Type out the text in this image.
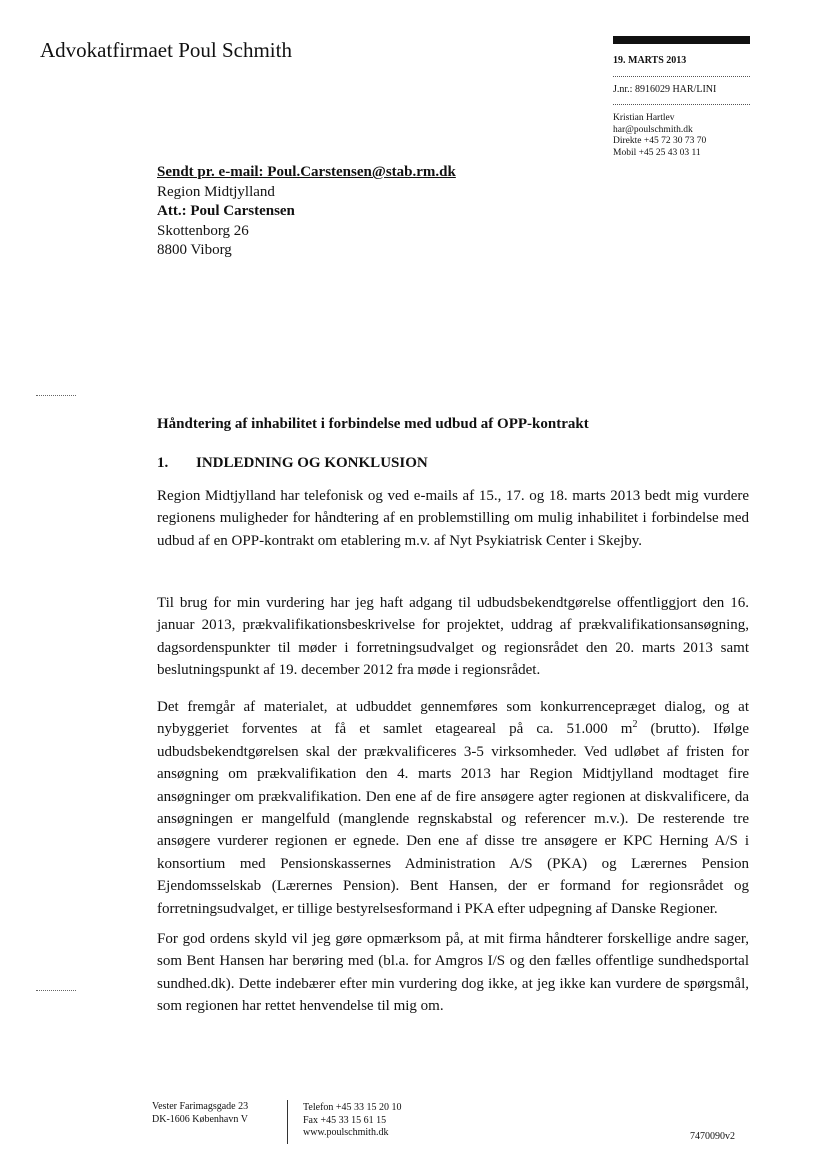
Advokatfirmaet Poul Schmith	19. MARTS 2013
J.nr.: 8916029 HAR/LINI
Kristian Hartlev
har@poulschmith.dk
Direkte +45 72 30 73 70
Mobil +45 25 43 03 11
Sendt pr. e-mail: Poul.Carstensen@stab.rm.dk
Region Midtjylland
Att.: Poul Carstensen
Skottenborg 26
8800 Viborg
Håndtering af inhabilitet i forbindelse med udbud af OPP-kontrakt
1. INDLEDNING OG KONKLUSION

Region Midtjylland har telefonisk og ved e-mails af 15., 17. og 18. marts 2013 bedt mig vurdere regionens muligheder for håndtering af en problemstilling om mulig inhabilitet i forbindelse med udbud af en OPP-kontrakt om etablering m.v. af Nyt Psykiatrisk Center i Skejby.

Til brug for min vurdering har jeg haft adgang til udbudsbekendtgørelse offentliggjort den 16. januar 2013, prækvalifikationsbeskrivelse for projektet, uddrag af prækvalifikationsansøgning, dagsordenspunkter til møder i forretningsudvalget og regionsrådet den 20. marts 2013 samt beslutningspunkt af 19. december 2012 fra møde i regionsrådet.

Det fremgår af materialet, at udbuddet gennemføres som konkurrencepræget dialog, og at nybyggeriet forventes at få et samlet etageareal på ca. 51.000 $m^2$ (brutto). Ifølge udbudsbekendtgørelsen skal der prækvalificeres 3-5 virksomheder. Ved udløbet af fristen for ansøgning om prækvalifikation den 4. marts 2013 har Region Midtjylland modtaget fire ansøgninger om prækvalifikation. Den ene af de fire ansøgere agter regionen at diskvalificere, da ansøgningen er mangelfuld (manglende regnskabstal og referencer m.v.). De resterende tre ansøgere vurderer regionen er egnede. Den ene af disse tre ansøgere er KPC Herning A/S i konsortium med Pensionskassernes Administration A/S (PKA) og Lærernes Pension Ejendomsselskab (Lærernes Pension). Bent Hansen, der er formand for regionsrådet og forretningsudvalget, er tillige bestyrelsesformand i PKA efter udpegning af Danske Regioner.

For god ordens skyld vil jeg gøre opmærksom på, at mit firma håndterer forskellige andre sager, som Bent Hansen har berøring med (bl.a. for Amgros I/S og den fælles offentlige sundhedsportal sundhed.dk). Dette indebærer efter min vurdering dog ikke, at jeg ikke kan vurdere de spørgsmål, som regionen har rettet henvendelse til mig om.

Vester Farimagsgade 23
DK-1606 København V
Telefon +45 33 15 20 10
Fax +45 33 15 61 15
www.poulschmith.dk	7470090v2
